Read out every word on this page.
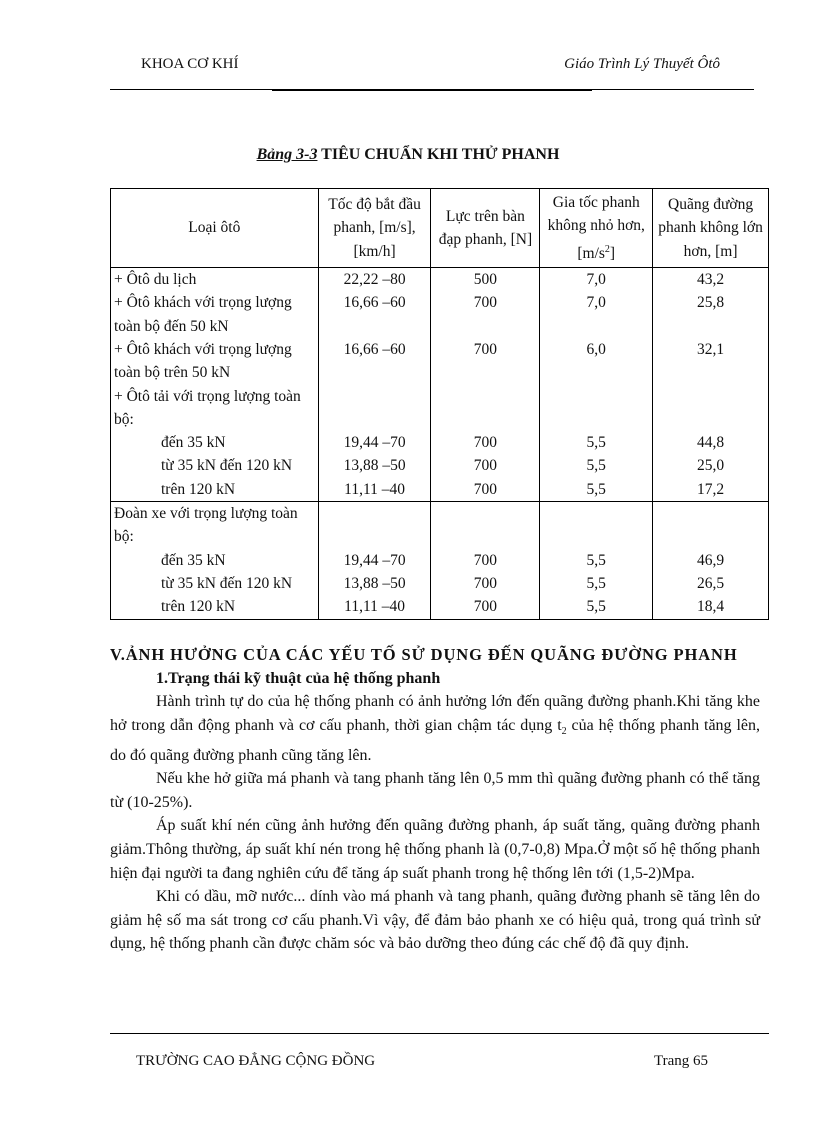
KHOA CƠ KHÍ	Giáo Trình Lý Thuyết Ôtô
Bảng 3-3 TIÊU CHUẨN KHI THỬ PHANH
Loại ôtô	Tốc độ bắt đầu phanh, [m/s], [km/h]	Lực trên bàn đạp phanh, [N]	Gia tốc phanh không nhỏ hơn, $[m/s^2]$	Quãng đường phanh không lớn hơn, [m]
+ Ôtô du lịch	22,22 –80	500	7,0	43,2
+ Ôtô khách với trọng lượng toàn bộ đến 50 kN	16,66 –60	700	7,0	25,8
+ Ôtô khách với trọng lượng toàn bộ trên 50 kN	16,66 –60	700	6,0	32,1
+ Ôtô tải với trọng lượng toàn bộ:				
đến 35 kN	19,44 –70	700	5,5	44,8
từ 35 kN đến 120 kN	13,88 –50	700	5,5	25,0
trên 120 kN	11,11 –40	700	5,5	17,2
Đoàn xe với trọng lượng toàn bộ:				
đến 35 kN	19,44 –70	700	5,5	46,9
từ 35 kN đến 120 kN	13,88 –50	700	5,5	26,5
trên 120 kN	11,11 –40	700	5,5	18,4

V.ẢNH HƯỞNG CỦA CÁC YẾU TỐ SỬ DỤNG ĐẾN QUÃNG ĐƯỜNG PHANH

1.Trạng thái kỹ thuật của hệ thống phanh

Hành trình tự do của hệ thống phanh có ảnh hưởng lớn đến quãng đường phanh.Khi tăng khe hở trong dẫn động phanh và cơ cấu phanh, thời gian chậm tác dụng $t_2$ của hệ thống phanh tăng lên, do đó quãng đường phanh cũng tăng lên.

Nếu khe hở giữa má phanh và tang phanh tăng lên 0,5 mm thì quãng đường phanh có thể tăng từ (10-25%).

Áp suất khí nén cũng ảnh hưởng đến quãng đường phanh, áp suất tăng, quãng đường phanh giảm.Thông thường, áp suất khí nén trong hệ thống phanh là (0,7-0,8) Mpa.Ở một số hệ thống phanh hiện đại người ta đang nghiên cứu để tăng áp suất phanh trong hệ thống lên tới (1,5-2)Mpa.

Khi có dầu, mỡ nước... dính vào má phanh và tang phanh, quãng đường phanh sẽ tăng lên do giảm hệ số ma sát trong cơ cấu phanh.Vì vậy, để đảm bảo phanh xe có hiệu quả, trong quá trình sử dụng, hệ thống phanh cần được chăm sóc và bảo dưỡng theo đúng các chế độ đã quy định.

TRƯỜNG CAO ĐẲNG CỘNG ĐỒNG	Trang 65
